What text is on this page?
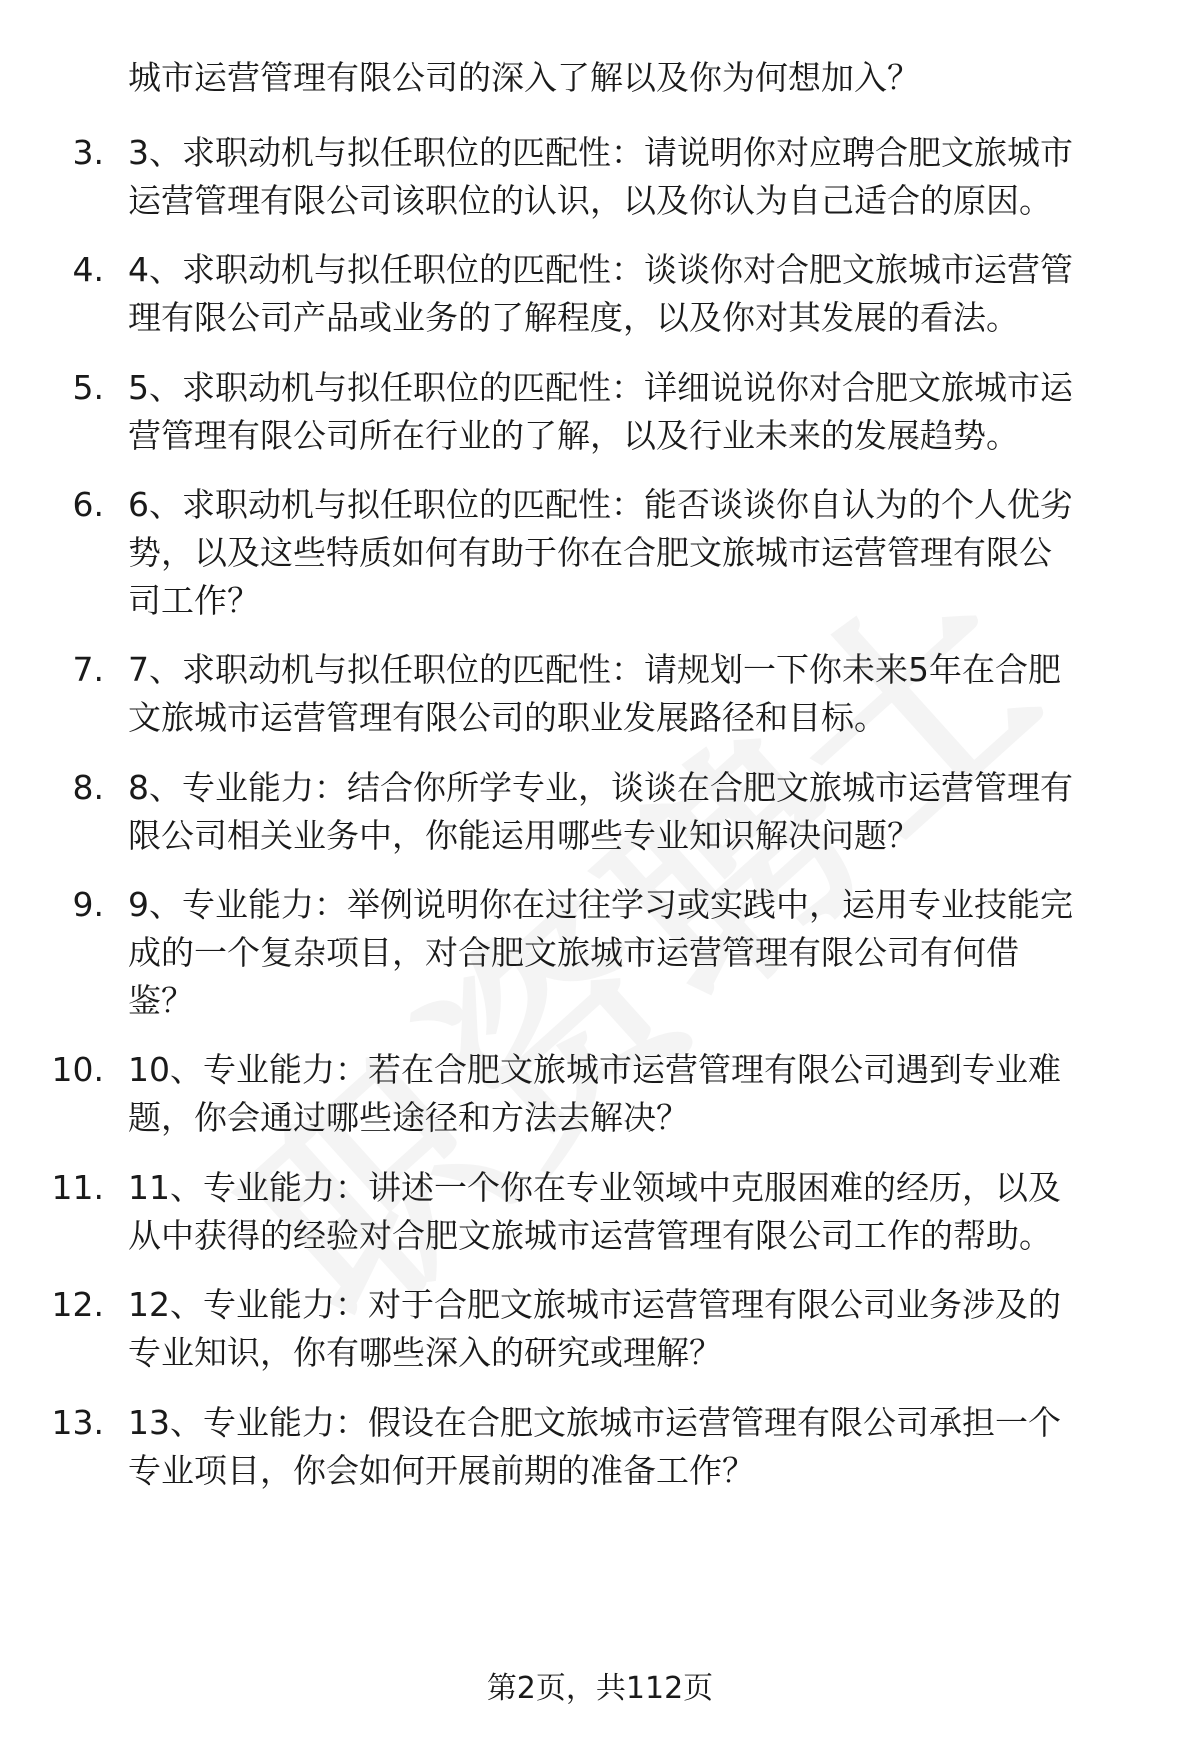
城市运营管理有限公司的深入了解以及你为何想加入？
3. 3、求职动机与拟任职位的匹配性：请说明你对应聘合肥文旅城市
运营管理有限公司该职位的认识，以及你认为自己适合的原因。
4. 4、求职动机与拟任职位的匹配性：谈谈你对合肥文旅城市运营管
理有限公司产品或业务的了解程度，以及你对其发展的看法。
5. 5、求职动机与拟任职位的匹配性：详细说说你对合肥文旅城市运
营管理有限公司所在行业的了解，以及行业未来的发展趋势。
6. 6、求职动机与拟任职位的匹配性：能否谈谈你自认为的个人优劣
势，以及这些特质如何有助于你在合肥文旅城市运营管理有限公
司工作？
7. 7、求职动机与拟任职位的匹配性：请规划一下你未来5年在合肥
文旅城市运营管理有限公司的职业发展路径和目标。
8. 8、专业能力：结合你所学专业，谈谈在合肥文旅城市运营管理有
限公司相关业务中，你能运用哪些专业知识解决问题？
9. 9、专业能力：举例说明你在过往学习或实践中，运用专业技能完
成的一个复杂项目，对合肥文旅城市运营管理有限公司有何借
鉴？
10. 10、专业能力：若在合肥文旅城市运营管理有限公司遇到专业难
题，你会通过哪些途径和方法去解决？
11. 11、专业能力：讲述一个你在专业领域中克服困难的经历，以及
从中获得的经验对合肥文旅城市运营管理有限公司工作的帮助。
12. 12、专业能力：对于合肥文旅城市运营管理有限公司业务涉及的
专业知识，你有哪些深入的研究或理解？
13. 13、专业能力：假设在合肥文旅城市运营管理有限公司承担一个
专业项目，你会如何开展前期的准备工作？
第2页，共112页
